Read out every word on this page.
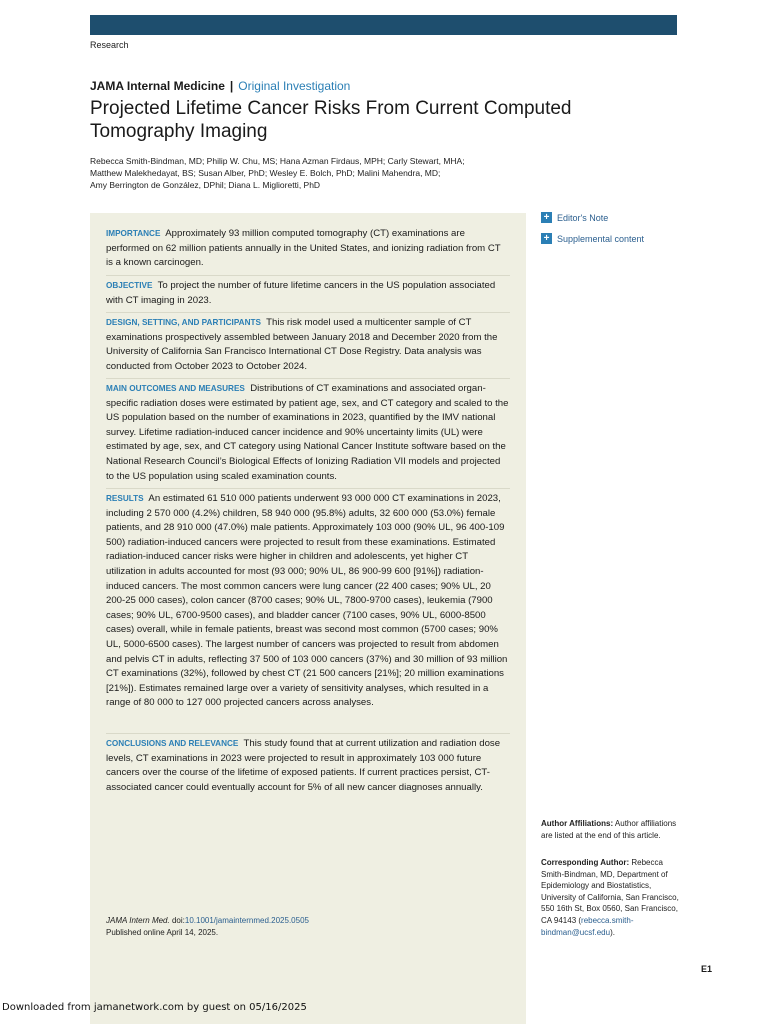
Research
JAMA Internal Medicine | Original Investigation
Projected Lifetime Cancer Risks From Current Computed Tomography Imaging
Rebecca Smith-Bindman, MD; Philip W. Chu, MS; Hana Azman Firdaus, MPH; Carly Stewart, MHA;
Matthew Malekhedayat, BS; Susan Alber, PhD; Wesley E. Bolch, PhD; Malini Mahendra, MD;
Amy Berrington de González, DPhil; Diana L. Miglioretti, PhD
IMPORTANCE Approximately 93 million computed tomography (CT) examinations are performed on 62 million patients annually in the United States, and ionizing radiation from CT is a known carcinogen.
OBJECTIVE To project the number of future lifetime cancers in the US population associated with CT imaging in 2023.
DESIGN, SETTING, AND PARTICIPANTS This risk model used a multicenter sample of CT examinations prospectively assembled between January 2018 and December 2020 from the University of California San Francisco International CT Dose Registry. Data analysis was conducted from October 2023 to October 2024.
MAIN OUTCOMES AND MEASURES Distributions of CT examinations and associated organ-specific radiation doses were estimated by patient age, sex, and CT category and scaled to the US population based on the number of examinations in 2023, quantified by the IMV national survey. Lifetime radiation-induced cancer incidence and 90% uncertainty limits (UL) were estimated by age, sex, and CT category using National Cancer Institute software based on the National Research Council’s Biological Effects of Ionizing Radiation VII models and projected to the US population using scaled examination counts.
RESULTS An estimated 61 510 000 patients underwent 93 000 000 CT examinations in 2023, including 2 570 000 (4.2%) children, 58 940 000 (95.8%) adults, 32 600 000 (53.0%) female patients, and 28 910 000 (47.0%) male patients. Approximately 103 000 (90% UL, 96 400-109 500) radiation-induced cancers were projected to result from these examinations. Estimated radiation-induced cancer risks were higher in children and adolescents, yet higher CT utilization in adults accounted for most (93 000; 90% UL, 86 900-99 600 [91%]) radiation-induced cancers. The most common cancers were lung cancer (22 400 cases; 90% UL, 20 200-25 000 cases), colon cancer (8700 cases; 90% UL, 7800-9700 cases), leukemia (7900 cases; 90% UL, 6700-9500 cases), and bladder cancer (7100 cases, 90% UL, 6000-8500 cases) overall, while in female patients, breast was second most common (5700 cases; 90% UL, 5000-6500 cases). The largest number of cancers was projected to result from abdomen and pelvis CT in adults, reflecting 37 500 of 103 000 cancers (37%) and 30 million of 93 million CT examinations (32%), followed by chest CT (21 500 cancers [21%]; 20 million examinations [21%]). Estimates remained large over a variety of sensitivity analyses, which resulted in a range of 80 000 to 127 000 projected cancers across analyses.
CONCLUSIONS AND RELEVANCE This study found that at current utilization and radiation dose levels, CT examinations in 2023 were projected to result in approximately 103 000 future cancers over the course of the lifetime of exposed patients. If current practices persist, CT-associated cancer could eventually account for 5% of all new cancer diagnoses annually.
+ Editor's Note
+ Supplemental content
Author Affiliations: Author affiliations are listed at the end of this article.
Corresponding Author: Rebecca Smith-Bindman, MD, Department of Epidemiology and Biostatistics, University of California, San Francisco, 550 16th St, Box 0560, San Francisco, CA 94143 (rebecca.smith-bindman@ucsf.edu).
JAMA Intern Med. doi:10.1001/jamainternmed.2025.0505
Published online April 14, 2025.
E1
Downloaded from jamanetwork.com by guest on 05/16/2025
